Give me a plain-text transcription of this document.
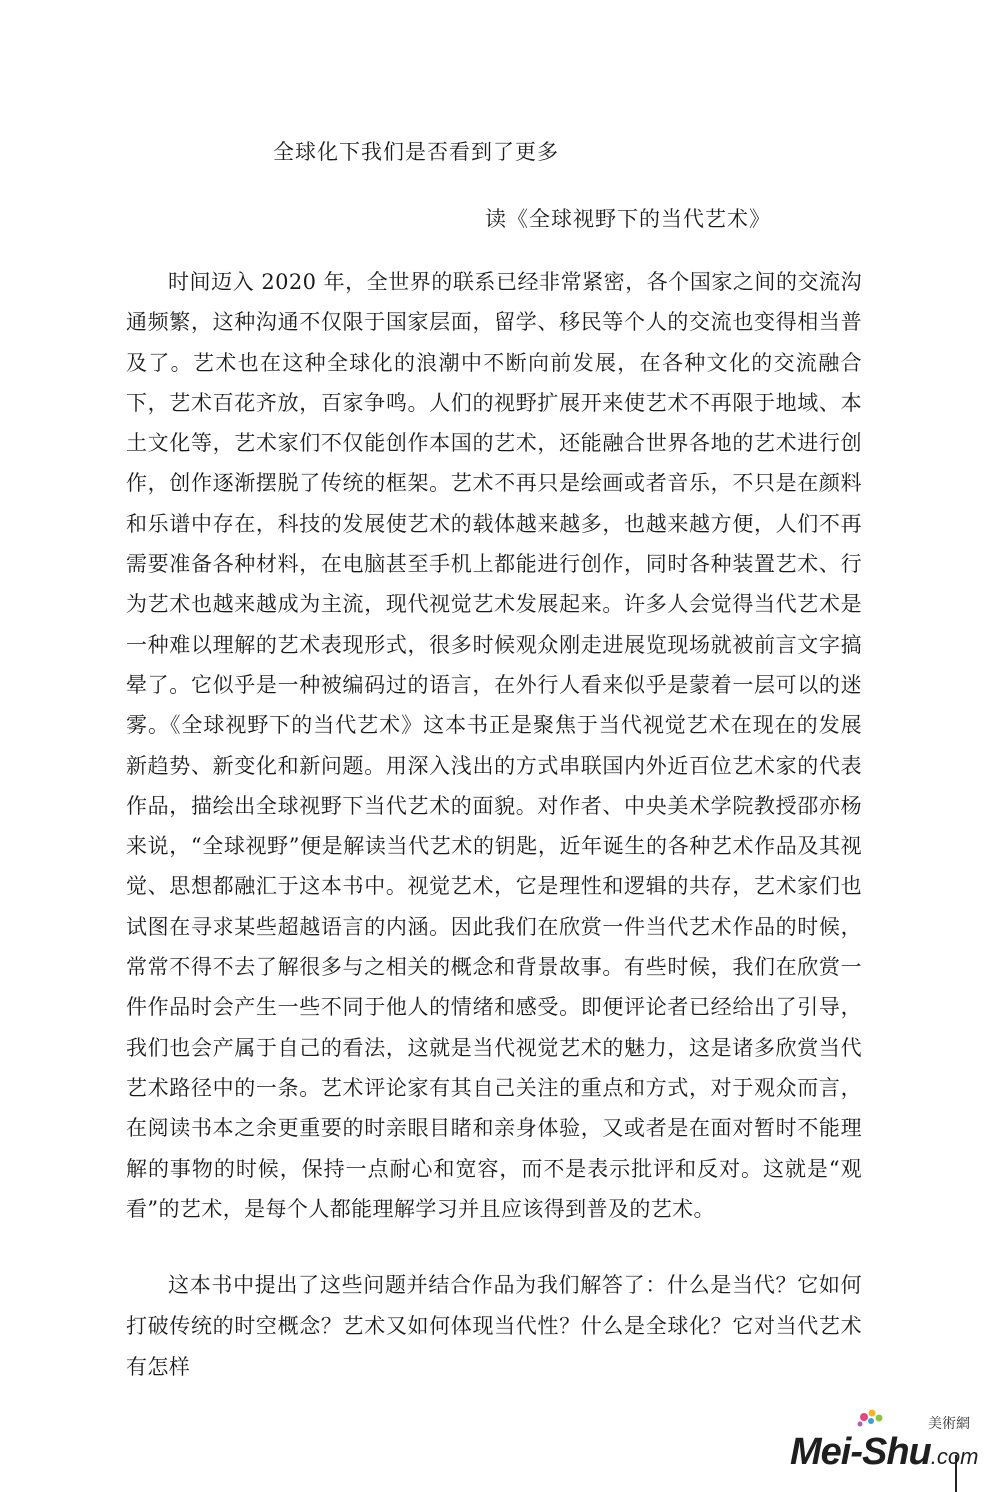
全球化下我们是否看到了更多
读《全球视野下的当代艺术》

时间迈入 2020 年，全世界的联系已经非常紧密，各个国家之间的交流沟通频繁，这种沟通不仅限于国家层面，留学、移民等个人的交流也变得相当普及了。艺术也在这种全球化的浪潮中不断向前发展，在各种文化的交流融合下，艺术百花齐放，百家争鸣。人们的视野扩展开来使艺术不再限于地域、本土文化等，艺术家们不仅能创作本国的艺术，还能融合世界各地的艺术进行创作，创作逐渐摆脱了传统的框架。艺术不再只是绘画或者音乐，不只是在颜料和乐谱中存在，科技的发展使艺术的载体越来越多，也越来越方便，人们不再需要准备各种材料，在电脑甚至手机上都能进行创作，同时各种装置艺术、行为艺术也越来越成为主流，现代视觉艺术发展起来。许多人会觉得当代艺术是一种难以理解的艺术表现形式，很多时候观众刚走进展览现场就被前言文字搞晕了。它似乎是一种被编码过的语言，在外行人看来似乎是蒙着一层可以的迷雾。《全球视野下的当代艺术》这本书正是聚焦于当代视觉艺术在现在的发展新趋势、新变化和新问题。用深入浅出的方式串联国内外近百位艺术家的代表作品，描绘出全球视野下当代艺术的面貌。对作者、中央美术学院教授邵亦杨来说，“全球视野”便是解读当代艺术的钥匙，近年诞生的各种艺术作品及其视觉、思想都融汇于这本书中。视觉艺术，它是理性和逻辑的共存，艺术家们也试图在寻求某些超越语言的内涵。因此我们在欣赏一件当代艺术作品的时候，常常不得不去了解很多与之相关的概念和背景故事。有些时候，我们在欣赏一件作品时会产生一些不同于他人的情绪和感受。即便评论者已经给出了引导，我们也会产属于自己的看法，这就是当代视觉艺术的魅力，这是诸多欣赏当代艺术路径中的一条。艺术评论家有其自己关注的重点和方式，对于观众而言，在阅读书本之余更重要的时亲眼目睹和亲身体验，又或者是在面对暂时不能理解的事物的时候，保持一点耐心和宽容，而不是表示批评和反对。这就是“观看”的艺术，是每个人都能理解学习并且应该得到普及的艺术。

这本书中提出了这些问题并结合作品为我们解答了：什么是当代？它如何打破传统的时空概念？艺术又如何体现当代性？什么是全球化？它对当代艺术有怎样

美術網
Mei-Shu.com
